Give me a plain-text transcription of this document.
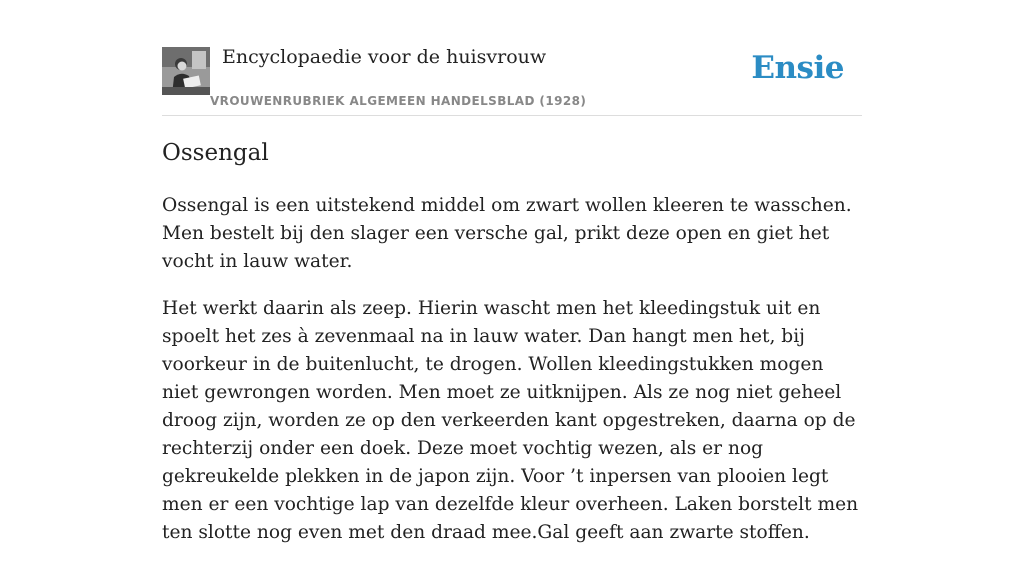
Encyclopaedie voor de huisvrouw
VROUWENRUBRIEK ALGEMEEN HANDELSBLAD (1928)
Ensie
Ossengal

Ossengal is een uitstekend middel om zwart wollen kleeren te wasschen. Men bestelt bij den slager een versche gal, prikt deze open en giet het vocht in lauw water.

Het werkt daarin als zeep. Hierin wascht men het kleedingstuk uit en spoelt het zes à zevenmaal na in lauw water. Dan hangt men het, bij voorkeur in de buitenlucht, te drogen. Wollen kleedingstukken mogen niet gewrongen worden. Men moet ze uitknijpen. Als ze nog niet geheel droog zijn, worden ze op den verkeerden kant opgestreken, daarna op de rechterzij onder een doek. Deze moet vochtig wezen, als er nog gekreukelde plekken in de japon zijn. Voor ’t inpersen van plooien legt men er een vochtige lap van dezelfde kleur overheen. Laken borstelt men ten slotte nog even met den draad mee.Gal geeft aan zwarte stoffen.
